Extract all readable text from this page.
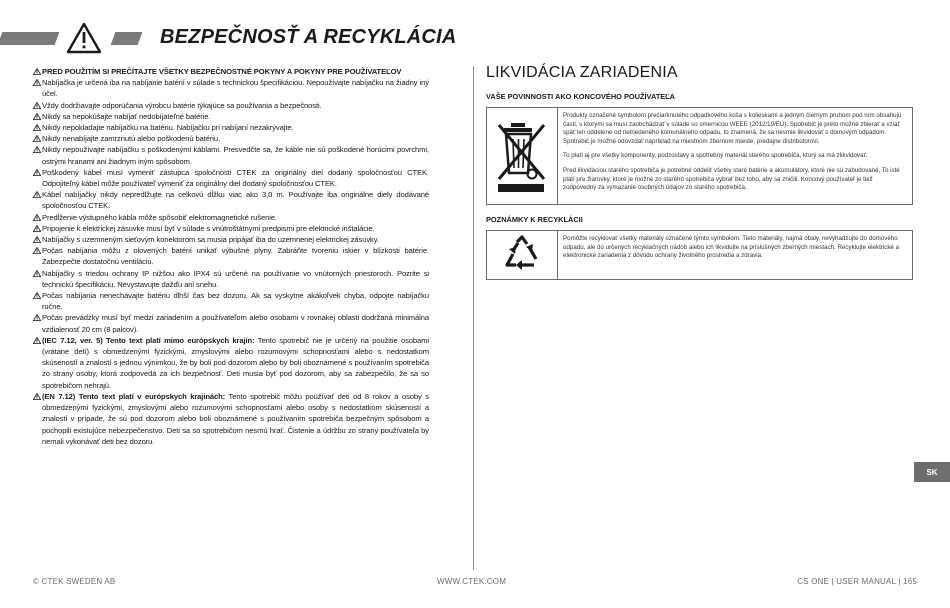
BEZPEČNOSŤ A RECYKLÁCIA

PRED POUŽITÍM SI PREČÍTAJTE VŠETKY BEZPEČNOSTNÉ POKYNY A POKYNY PRE POUŽÍVATEĽOV

Nabíjačka je určená iba na nabíjanie batérií v súlade s technickou špecifikáciou. Nepoužívajte nabíjačku na žiadny iný účel.

Vždy dodržiavajte odporúčania výrobcu batérie týkajúce sa používania a bezpečnosti.

Nikdy sa nepokúšajte nabíjať nedobíjateľné batérie.

Nikdy nepokladajte nabíjačku na batériu. Nabíjačku pri nabíjaní nezakrývajte.

Nikdy nenabíjajte zamrznutú alebo poškodenú batériu.

Nikdy nepoužívajte nabíjačku s poškodenými káblami. Presvedčte sa, že káble nie sú poškodené horúcimi povrchmi, ostrými hranami ani žiadnym iným spôsobom.

Poškodený kábel musí vymeniť zástupca spoločnosti CTEK za originálny diel dodaný spoločnosťou CTEK. Odpojiteľný kábel môže používateľ vymeniť za originálny diel dodaný spoločnosťou CTEK.

Kábel nabíjačky nikdy nepredlžujte na celkovú dĺžku viac ako 3,0 m. Používajte iba originálne diely dodávané spoločnosťou CTEK.

Predĺženie výstupného kábla môže spôsobiť elektromagnetické rušenie.

Pripojenie k elektrickej zásuvke musí byť v súlade s vnútroštátnymi predpismi pre elektrické inštalácie.

Nabíjačky s uzemneným sieťovým konektorom sa musia pripájať iba do uzemnenej elektrickej zásuvky.

Počas nabíjania môžu z olovených batérií unikať výbušné plyny. Zabráňte tvoreniu iskier v blízkosti batérie. Zabezpečte dostatočnú ventiláciu.

Nabíjačky s triedou ochrany IP nižšou ako IPX4 sú určené na používanie vo vnútorných priestoroch. Pozrite si technickú špecifikáciu. Nevystavujte dažďu ani snehu.

Počas nabíjania nenechávajte batériu dlhší čas bez dozoru. Ak sa vyskytne akákoľvek chyba, odpojte nabíjačku ručne.

Počas prevádzky musí byť medzi zariadením a používateľom alebo osobami v rovnakej oblasti dodržaná minimálna vzdialenosť 20 cm (8 palcov).

(IEC 7.12, ver. 5) Tento text platí mimo európskych krajín: Tento spotrebič nie je určený na použitie osobami (vrátane detí) s obmedzenými fyzickými, zmyslovými alebo rozumovými schopnosťami alebo s nedostatkom skúseností a znalostí s jednou výnimkou, že by boli pod dozorom alebo by boli oboznámené s používaním spotrebiča zo strany osoby, ktorá zodpovedá za ich bezpečnosť. Deti musia byť pod dozorom, aby sa zabezpečilo, že sa so spotrebičom nehrajú.

(EN 7.12) Tento text platí v európskych krajinách: Tento spotrebič môžu používať deti od 8 rokov a osoby s obmedzenými fyzickými, zmyslovými alebo rozumovými schopnosťami alebo osoby s nedostatkom skúseností a znalostí v prípade, že sú pod dozorom alebo boli oboznámené s používaním spotrebiča bezpečným spôsobom a pochopili existujúce nebezpečenstvo. Deti sa so spotrebičom nesmú hrať. Čistenie a údržbu zo strany používateľa by nemali vykonávať deti bez dozoru.

LIKVIDÁCIA ZARIADENIA
VAŠE POVINNOSTI AKO KONCOVÉHO POUŽÍVATEĽA

Produkty označené symbolom prečiarknutého odpadkového koša s kolieskami a jedným čiernym pruhom pod ním obsahujú časti, s ktorými sa musí zaobchádzať v súlade so smernicou WEEE (2012/19/EÚ). Spotrebič je preto možné zbierať a vziať späť len oddelene od netriedeného komunálneho odpadu, to znamená, že sa nesmie likvidovať s domovým odpadom. Spotrebič je možné odovzdať napríklad na miestnom zbernom mieste, predajne distribútorovi.

To platí aj pre všetky komponenty, podzostavy a spotrebný materiál starého spotrebiča, ktorý sa má zlikvidovať.

Pred likvidáciou starého spotrebiča je potrebné oddeliť všetky staré batérie a akumulátory, ktoré nie sú zabudované. To isté platí pre žiarovky, ktoré je možné zo starého spotrebiča vybrať bez toho, aby sa zničili. Koncový používateľ je tiež zodpovedný za vymazanie osobných údajov zo starého spotrebiča.

POZNÁMKY K RECYKLÁCII
Pomôžte recyklovať všetky materiály označené týmto symbolom. Tieto materiály, najmä obaly, nevyhadzujte do domového odpadu, ale do určených recyklačných nádob alebo ich likvidujte na príslušných zberných miestach. Recyklujte elektrické a elektronické zariadenia z dôvodu ochrany životného prostredia a zdravia.
SK
© CTEK SWEDEN AB	WWW.CTEK.COM	CS ONE | USER MANUAL | 165
